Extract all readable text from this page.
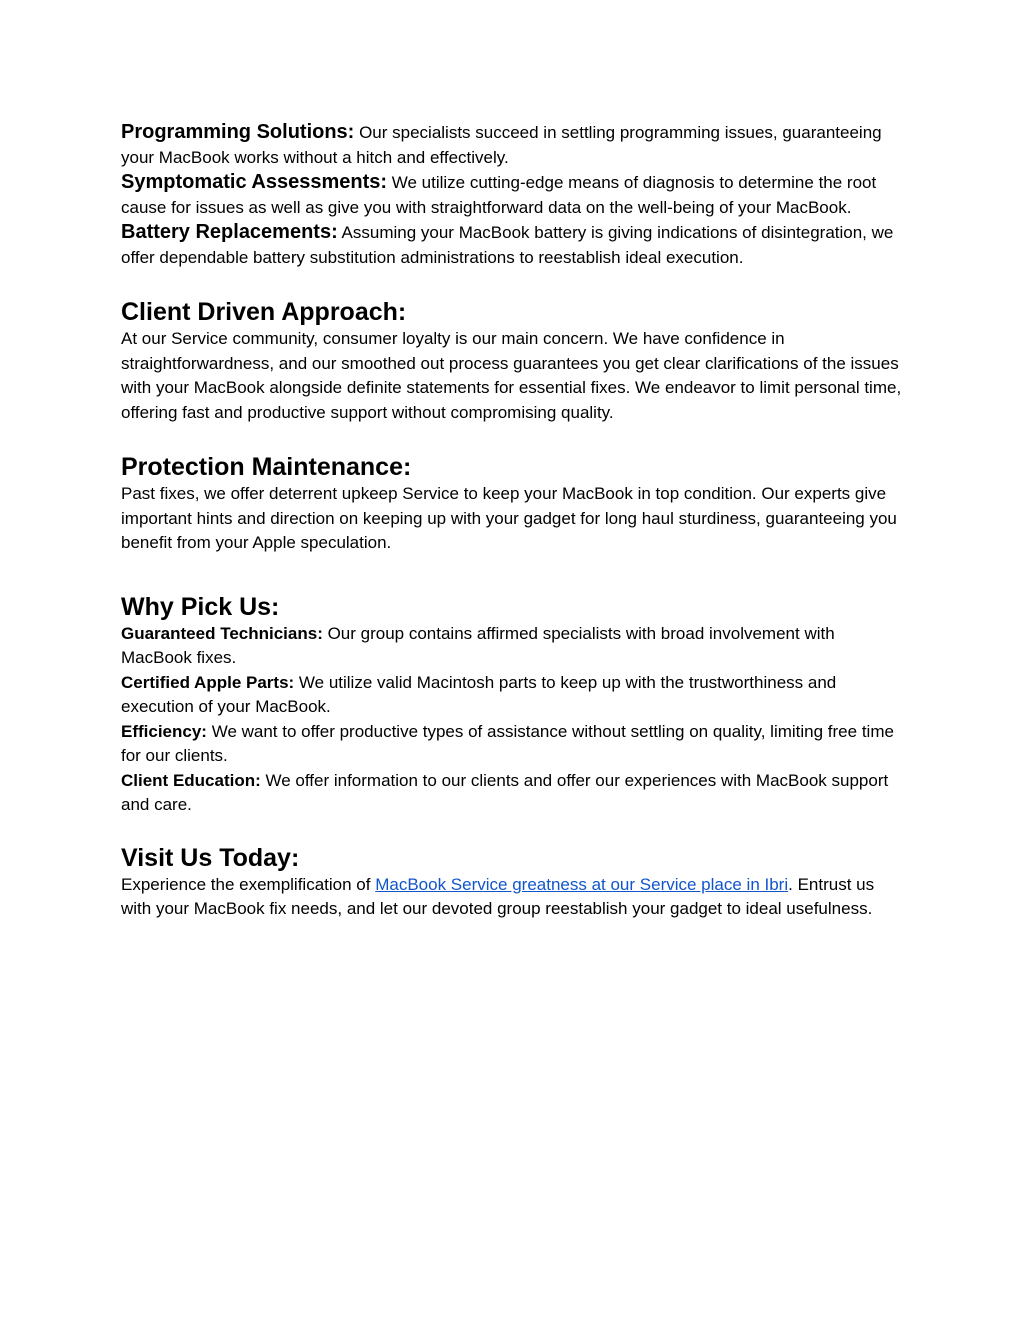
Programming Solutions: Our specialists succeed in settling programming issues, guaranteeing your MacBook works without a hitch and effectively.

Symptomatic Assessments: We utilize cutting-edge means of diagnosis to determine the root cause for issues as well as give you with straightforward data on the well-being of your MacBook.

Battery Replacements: Assuming your MacBook battery is giving indications of disintegration, we offer dependable battery substitution administrations to reestablish ideal execution.

Client Driven Approach:

At our Service community, consumer loyalty is our main concern. We have confidence in straightforwardness, and our smoothed out process guarantees you get clear clarifications of the issues with your MacBook alongside definite statements for essential fixes. We endeavor to limit personal time, offering fast and productive support without compromising quality.

Protection Maintenance:

Past fixes, we offer deterrent upkeep Service to keep your MacBook in top condition. Our experts give important hints and direction on keeping up with your gadget for long haul sturdiness, guaranteeing you benefit from your Apple speculation.

Why Pick Us:

Guaranteed Technicians: Our group contains affirmed specialists with broad involvement with MacBook fixes.

Certified Apple Parts: We utilize valid Macintosh parts to keep up with the trustworthiness and execution of your MacBook.

Efficiency: We want to offer productive types of assistance without settling on quality, limiting free time for our clients.

Client Education: We offer information to our clients and offer our experiences with MacBook support and care.

Visit Us Today:

Experience the exemplification of MacBook Service greatness at our Service place in Ibri. Entrust us with your MacBook fix needs, and let our devoted group reestablish your gadget to ideal usefulness.
